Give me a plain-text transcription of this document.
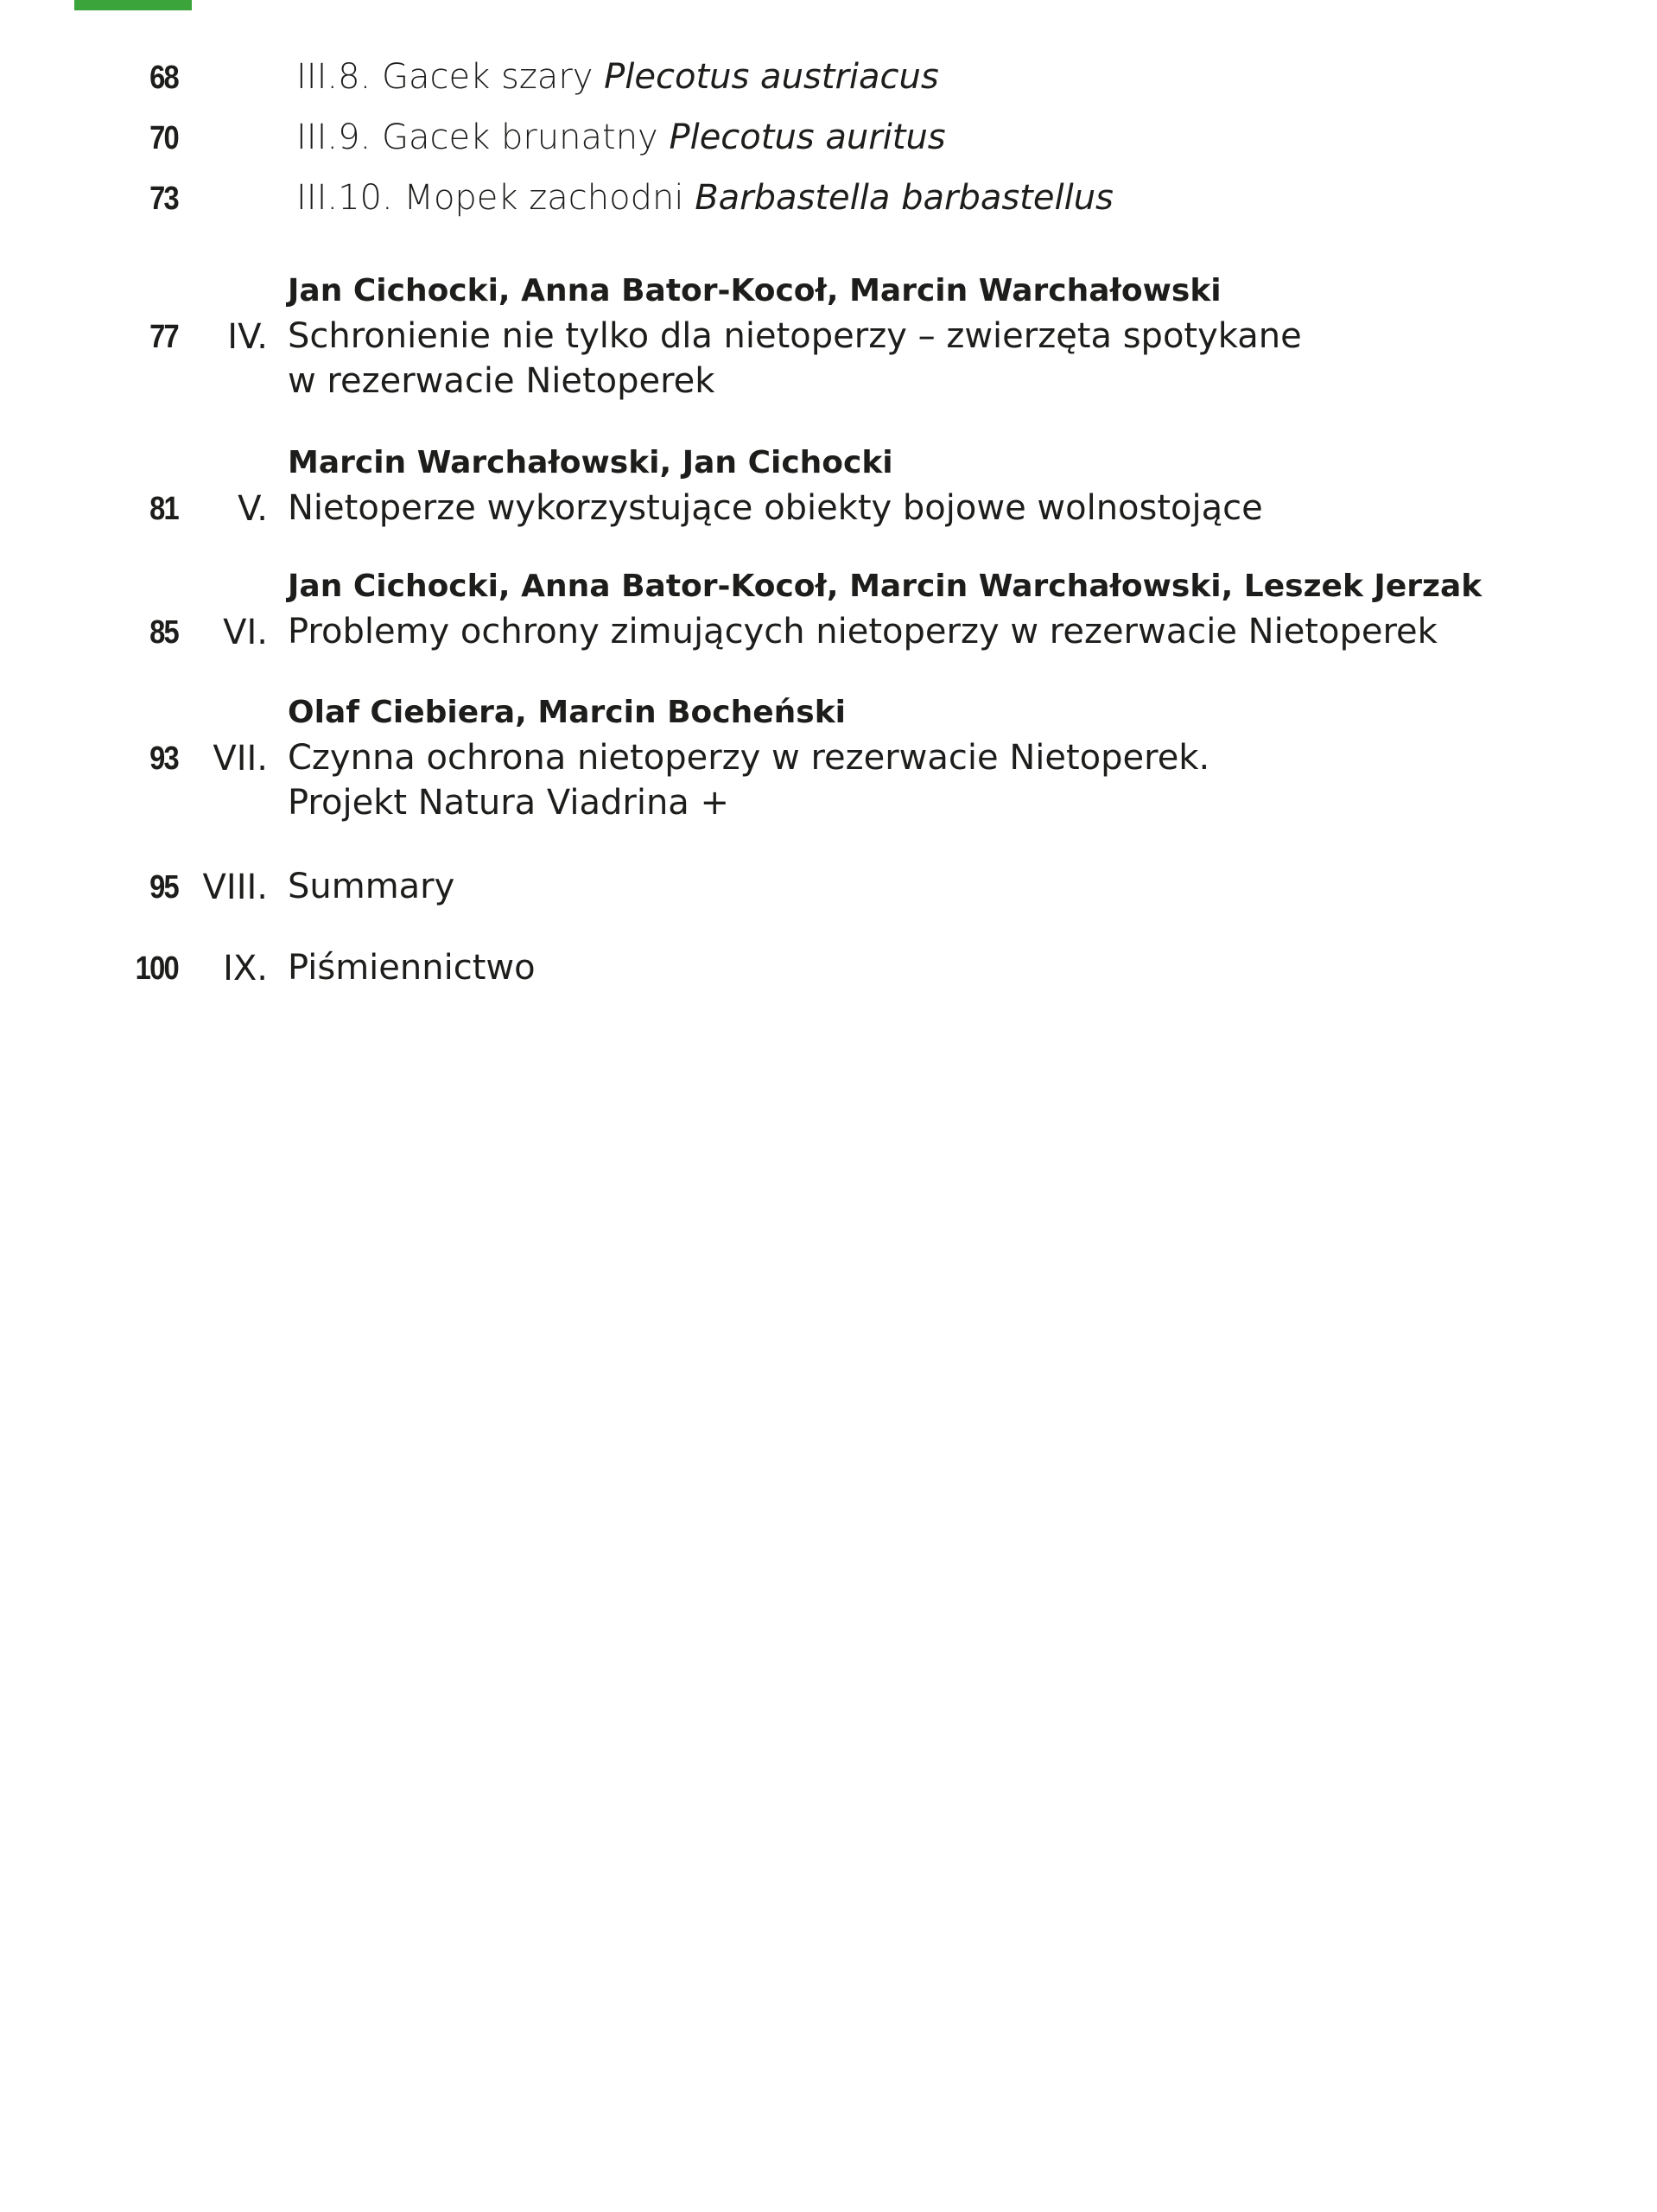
68	III.8. Gacek szary Plecotus austriacus
70	III.9. Gacek brunatny Plecotus auritus
73	III.10. Mopek zachodni Barbastella barbastellus
Jan Cichocki, Anna Bator-Kocoł, Marcin Warchałowski
77	IV. Schronienie nie tylko dla nietoperzy – zwierzęta spotykane
w rezerwacie Nietoperek
Marcin Warchałowski, Jan Cichocki
81	V. Nietoperze wykorzystujące obiekty bojowe wolnostojące
Jan Cichocki, Anna Bator-Kocoł, Marcin Warchałowski, Leszek Jerzak
85	VI. Problemy ochrony zimujących nietoperzy w rezerwacie Nietoperek
Olaf Ciebiera, Marcin Bocheński
93	VII. Czynna ochrona nietoperzy w rezerwacie Nietoperek.
Projekt Natura Viadrina +
95 VIII. Summary
100	IX. Piśmiennictwo
